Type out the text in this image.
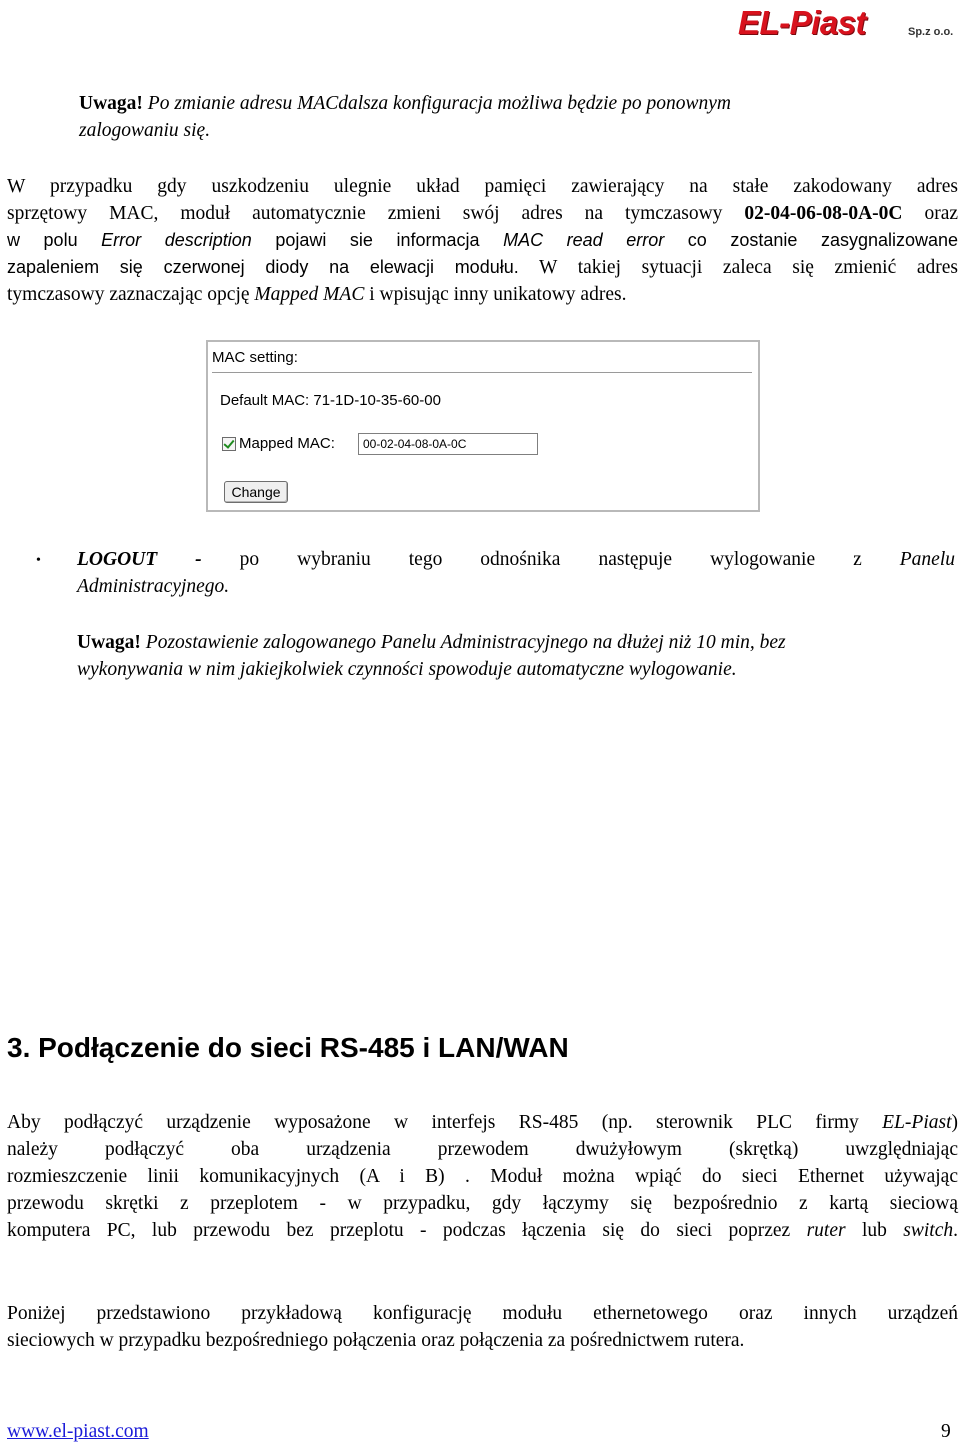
EL-Piast	Sp.z o.o.
Uwaga! Po zmianie adresu MACdalsza konfiguracja możliwa będzie po ponownym
zalogowaniu się.
W przypadku gdy uszkodzeniu ulegnie układ pamięci zawierający na stałe zakodowany adres
sprzętowy MAC, moduł automatycznie zmieni swój adres na tymczasowy 02-04-06-08-0A-0C oraz
w polu Error description pojawi sie informacja MAC read error co zostanie zasygnalizowane
zapaleniem się czerwonej diody na elewacji modułu. W takiej sytuacji zaleca się zmienić adres
tymczasowy zaznaczając opcję Mapped MAC i wpisując inny unikatowy adres.
MAC setting:
Default MAC: 71-1D-10-35-60-00
Mapped MAC:
00-02-04-08-0A-0C
Change
• LOGOUT - po wybraniu tego odnośnika następuje wylogowanie z Panelu
Administracyjnego.
Uwaga! Pozostawienie zalogowanego Panelu Administracyjnego na dłużej niż 10 min, bez
wykonywania w nim jakiejkolwiek czynności spowoduje automatyczne wylogowanie.
3. Podłączenie do sieci RS-485 i LAN/WAN
Aby podłączyć urządzenie wyposażone w interfejs RS-485 (np. sterownik PLC firmy EL-Piast)
należy podłączyć oba urządzenia przewodem dwużyłowym (skrętką) uwzględniając
rozmieszczenie linii komunikacyjnych (A i B) . Moduł można wpiąć do sieci Ethernet używając
przewodu skrętki z przeplotem - w przypadku, gdy łączymy się bezpośrednio z kartą sieciową
komputera PC, lub przewodu bez przeplotu - podczas łączenia się do sieci poprzez ruter lub switch.
Poniżej przedstawiono przykładową konfigurację modułu ethernetowego oraz innych urządzeń
sieciowych w przypadku bezpośredniego połączenia oraz połączenia za pośrednictwem rutera.
www.el-piast.com	9
